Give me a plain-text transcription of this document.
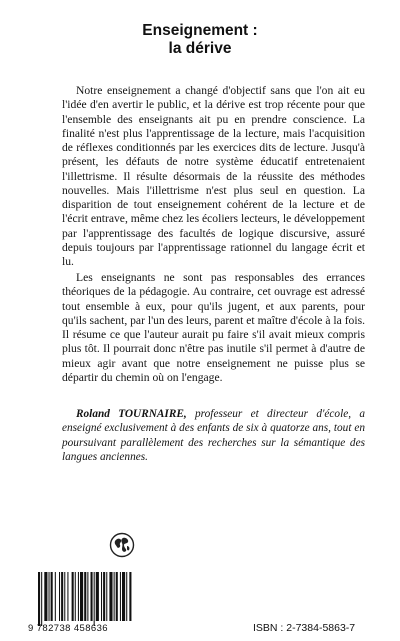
Enseignement :
la dérive

Notre enseignement a changé d'objectif sans que l'on ait eu l'idée d'en avertir le public, et la dérive est trop récente pour que l'ensemble des enseignants ait pu en prendre conscience. La finalité n'est plus l'apprentissage de la lecture, mais l'acquisition de réflexes conditionnés par les exercices dits de lecture. Jusqu'à présent, les défauts de notre système éducatif entretenaient l'illettrisme. Il résulte désormais de la réussite des méthodes nouvelles. Mais l'illettrisme n'est plus seul en question. La disparition de tout enseignement cohérent de la lecture et de l'écrit entrave, même chez les écoliers lecteurs, le développement par l'apprentissage des facultés de logique discursive, assuré depuis toujours par l'apprentissage rationnel du langage écrit et lu.

Les enseignants ne sont pas responsables des errances théoriques de la pédagogie. Au contraire, cet ouvrage est adressé tout ensemble à eux, pour qu'ils jugent, et aux parents, pour qu'ils sachent, par l'un des leurs, parent et maître d'école à la fois. Il résume ce que l'auteur aurait pu faire s'il avait mieux compris plus tôt. Il pourrait donc n'être pas inutile s'il permet à d'autre de mieux agir avant que notre enseignement ne puisse plus se départir du chemin où on l'engage.

Roland TOURNAIRE, professeur et directeur d'école, a enseigné exclusivement à des enfants de six à quatorze ans, tout en poursuivant parallèlement des recherches sur la sémantique des langues anciennes.
9 782738 458636	ISBN : 2-7384-5863-7
